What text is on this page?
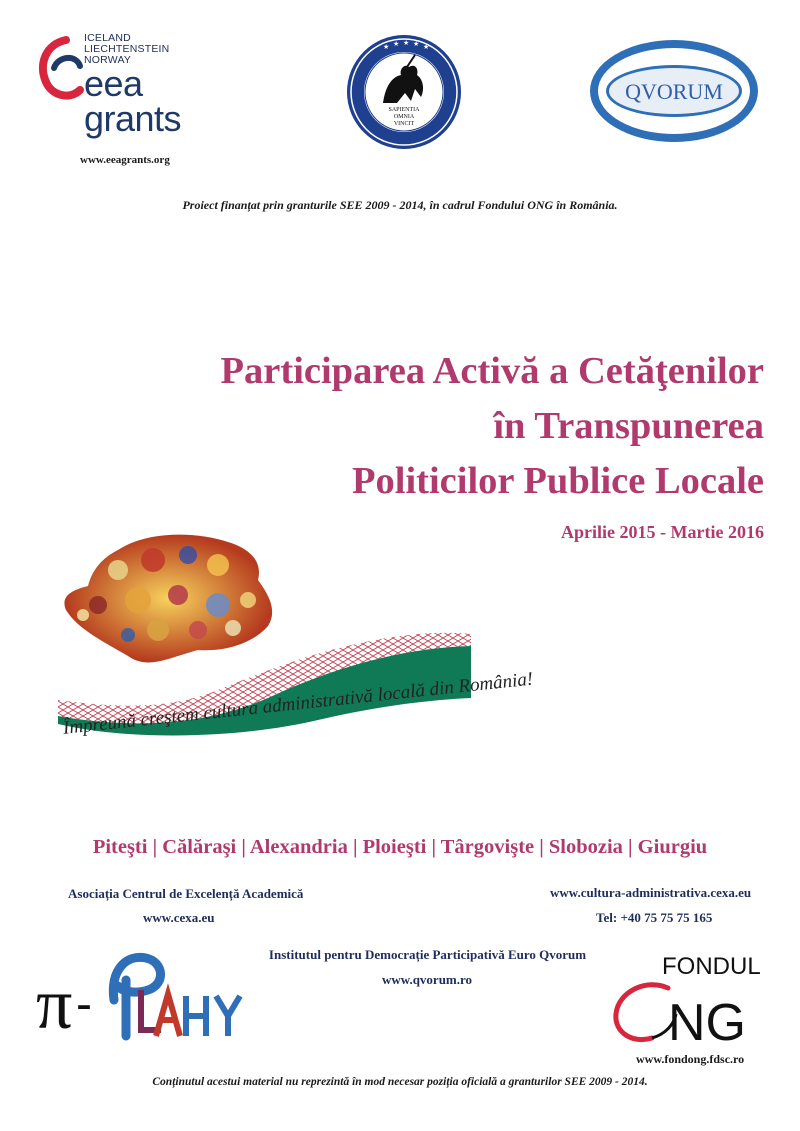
ICELAND
LIECHTENSTEIN
NORWAY
eea
grants
www.eeagrants.org
★ ★ ★ ★ ★
SAPIENTIA
OMNIA
VINCIT
QVORUM
Proiect finanțat prin granturile SEE 2009 - 2014, în cadrul Fondului ONG în România.
Participarea Activă a Cetăţenilor
în Transpunerea
Politicilor Publice Locale
Aprilie 2015 - Martie 2016
Împreună creştem cultura administrativă locală din România!
Piteşti | Călăraşi | Alexandria | Ploieşti | Târgovişte | Slobozia | Giurgiu
Asociația Centrul de Excelență Academică
www.cexa.eu
www.cultura-administrativa.cexa.eu
Tel: +40 75 75 75 165
Institutul pentru Democrație Participativă Euro Qvorum
www.qvorum.ro
π -
FONDUL
NG
www.fondong.fdsc.ro
Conținutul acestui material nu reprezintă în mod necesar poziția oficială a granturilor SEE 2009 - 2014.
